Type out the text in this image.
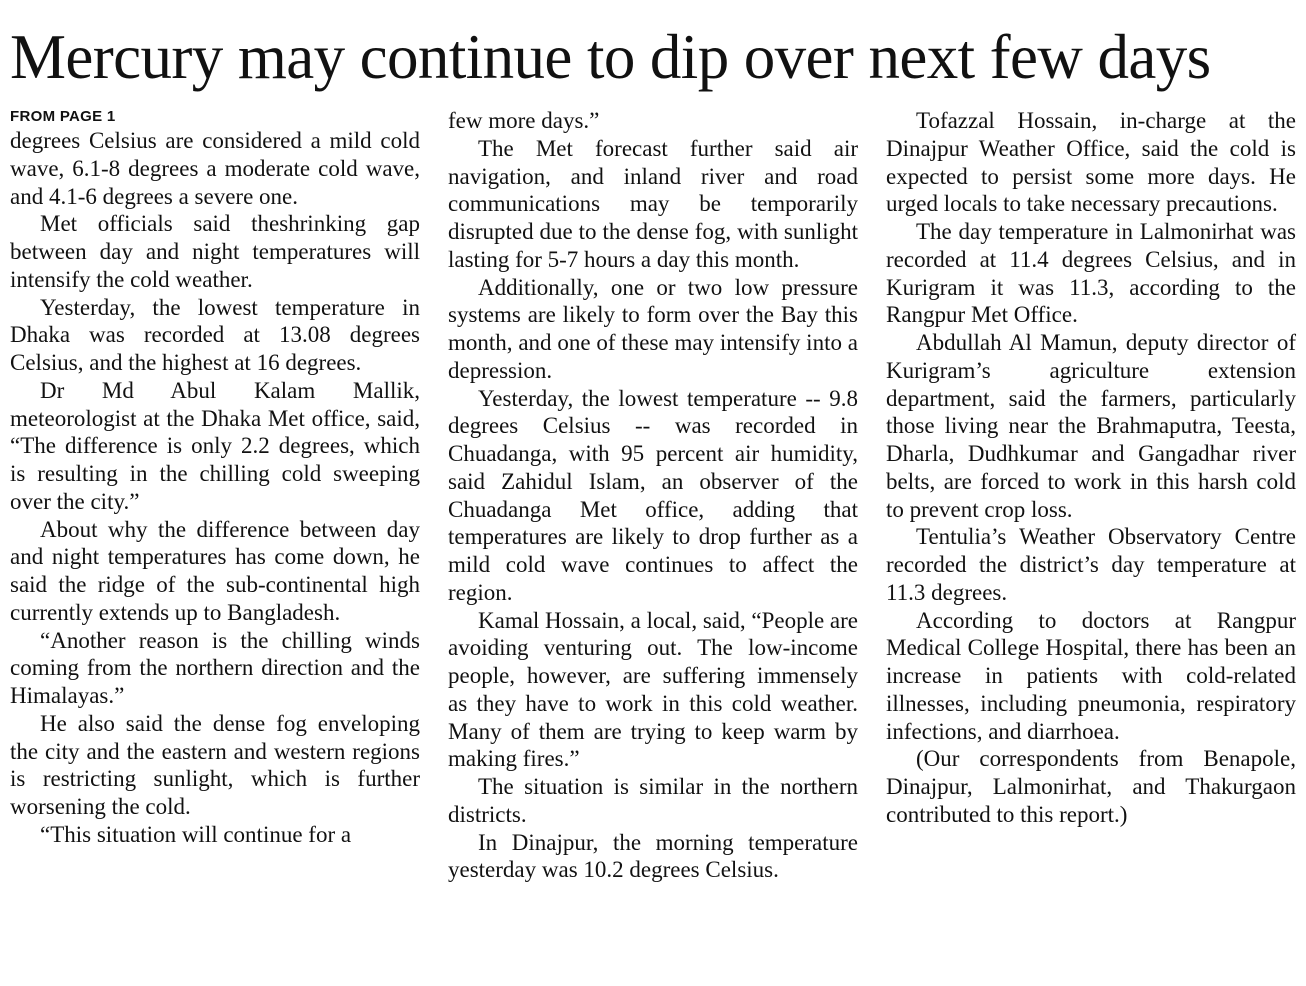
Mercury may continue to dip over next few days
FROM PAGE 1

degrees Celsius are considered a mild cold wave, 6.1-8 degrees a moderate cold wave, and 4.1-6 degrees a severe one.

Met officials said theshrinking gap between day and night temperatures will intensify the cold weather.

Yesterday, the lowest temperature in Dhaka was recorded at 13.08 degrees Celsius, and the highest at 16 degrees.

Dr Md Abul Kalam Mallik, meteorologist at the Dhaka Met office, said, “The difference is only 2.2 degrees, which is resulting in the chilling cold sweeping over the city.”

About why the difference between day and night temperatures has come down, he said the ridge of the sub-continental high currently extends up to Bangladesh.

“Another reason is the chilling winds coming from the northern direction and the Himalayas.”

He also said the dense fog enveloping the city and the eastern and western regions is restricting sunlight, which is further worsening the cold.

“This situation will continue for a

few more days.”

The Met forecast further said air navigation, and inland river and road communications may be temporarily disrupted due to the dense fog, with sunlight lasting for 5-7 hours a day this month.

Additionally, one or two low pressure systems are likely to form over the Bay this month, and one of these may intensify into a depression.

Yesterday, the lowest temperature -- 9.8 degrees Celsius -- was recorded in Chuadanga, with 95 percent air humidity, said Zahidul Islam, an observer of the Chuadanga Met office, adding that temperatures are likely to drop further as a mild cold wave continues to affect the region.

Kamal Hossain, a local, said, “People are avoiding venturing out. The low-income people, however, are suffering immensely as they have to work in this cold weather. Many of them are trying to keep warm by making fires.”

The situation is similar in the northern districts.

In Dinajpur, the morning temperature yesterday was 10.2 degrees Celsius.

Tofazzal Hossain, in-charge at the Dinajpur Weather Office, said the cold is expected to persist some more days. He urged locals to take necessary precautions.

The day temperature in Lalmonirhat was recorded at 11.4 degrees Celsius, and in Kurigram it was 11.3, according to the Rangpur Met Office.

Abdullah Al Mamun, deputy director of Kurigram’s agriculture extension department, said the farmers, particularly those living near the Brahmaputra, Teesta, Dharla, Dudhkumar and Gangadhar river belts, are forced to work in this harsh cold to prevent crop loss.

Tentulia’s Weather Observatory Centre recorded the district’s day temperature at 11.3 degrees.

According to doctors at Rangpur Medical College Hospital, there has been an increase in patients with cold-related illnesses, including pneumonia, respiratory infections, and diarrhoea.

(Our correspondents from Benapole, Dinajpur, Lalmonirhat, and Thakurgaon contributed to this report.)
